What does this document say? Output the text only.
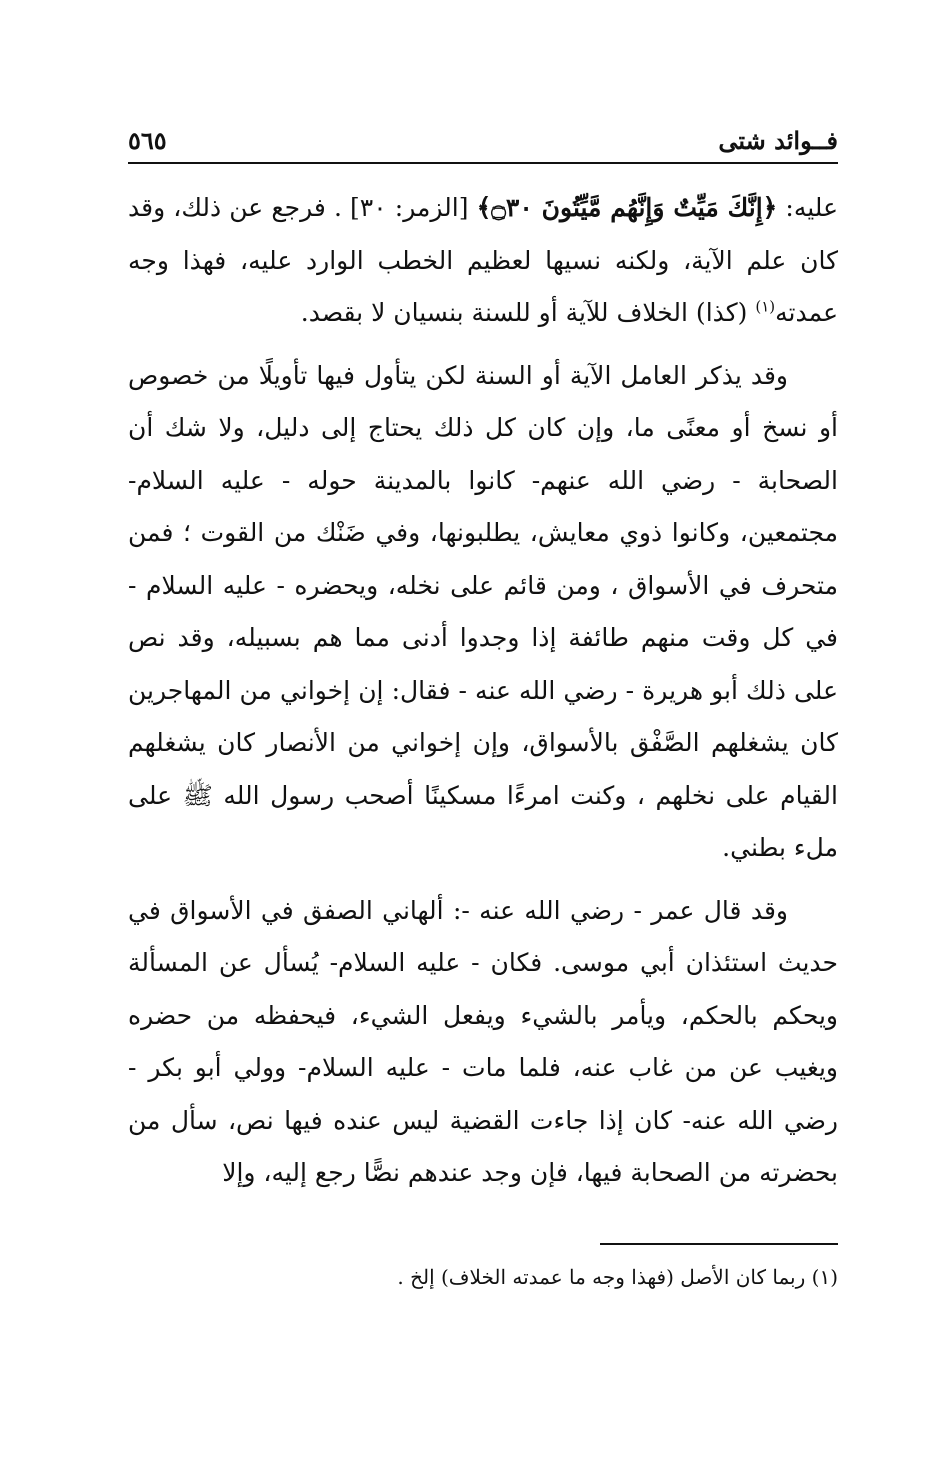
فــوائد شتى
٥٦٥

عليه: ﴿إِنَّكَ مَيِّتٌ وَإِنَّهُم مَّيِّتُونَ ۝٣٠﴾ [الزمر: ٣٠] . فرجع عن ذلك، وقد كان علم الآية، ولكنه نسيها لعظيم الخطب الوارد عليه، فهذا وجه عمدته$^{(١)}$ (كذا) الخلاف للآية أو للسنة بنسيان لا بقصد.

وقد يذكر العامل الآية أو السنة لكن يتأول فيها تأويلًا من خصوص أو نسخ أو معنًى ما، وإن كان كل ذلك يحتاج إلى دليل، ولا شك أن الصحابة - رضي الله عنهم- كانوا بالمدينة حوله - عليه السلام- مجتمعين، وكانوا ذوي معايش، يطلبونها، وفي ضَنْك من القوت ؛ فمن متحرف في الأسواق ، ومن قائم على نخله، ويحضره - عليه السلام - في كل وقت منهم طائفة إذا وجدوا أدنى مما هم بسبيله، وقد نص على ذلك أبو هريرة - رضي الله عنه - فقال: إن إخواني من المهاجرين كان يشغلهم الصَّفْق بالأسواق، وإن إخواني من الأنصار كان يشغلهم القيام على نخلهم ، وكنت امرءًا مسكينًا أصحب رسول الله ﷺ على ملء بطني.

وقد قال عمر - رضي الله عنه -: ألهاني الصفق في الأسواق في حديث استئذان أبي موسى. فكان - عليه السلام- يُسأل عن المسألة ويحكم بالحكم، ويأمر بالشيء ويفعل الشيء، فيحفظه من حضره ويغيب عن من غاب عنه، فلما مات - عليه السلام- وولي أبو بكر - رضي الله عنه- كان إذا جاءت القضية ليس عنده فيها نص، سأل من بحضرته من الصحابة فيها، فإن وجد عندهم نصًّا رجع إليه، وإلا

(١) ربما كان الأصل (فهذا وجه ما عمدته الخلاف) إلخ .
